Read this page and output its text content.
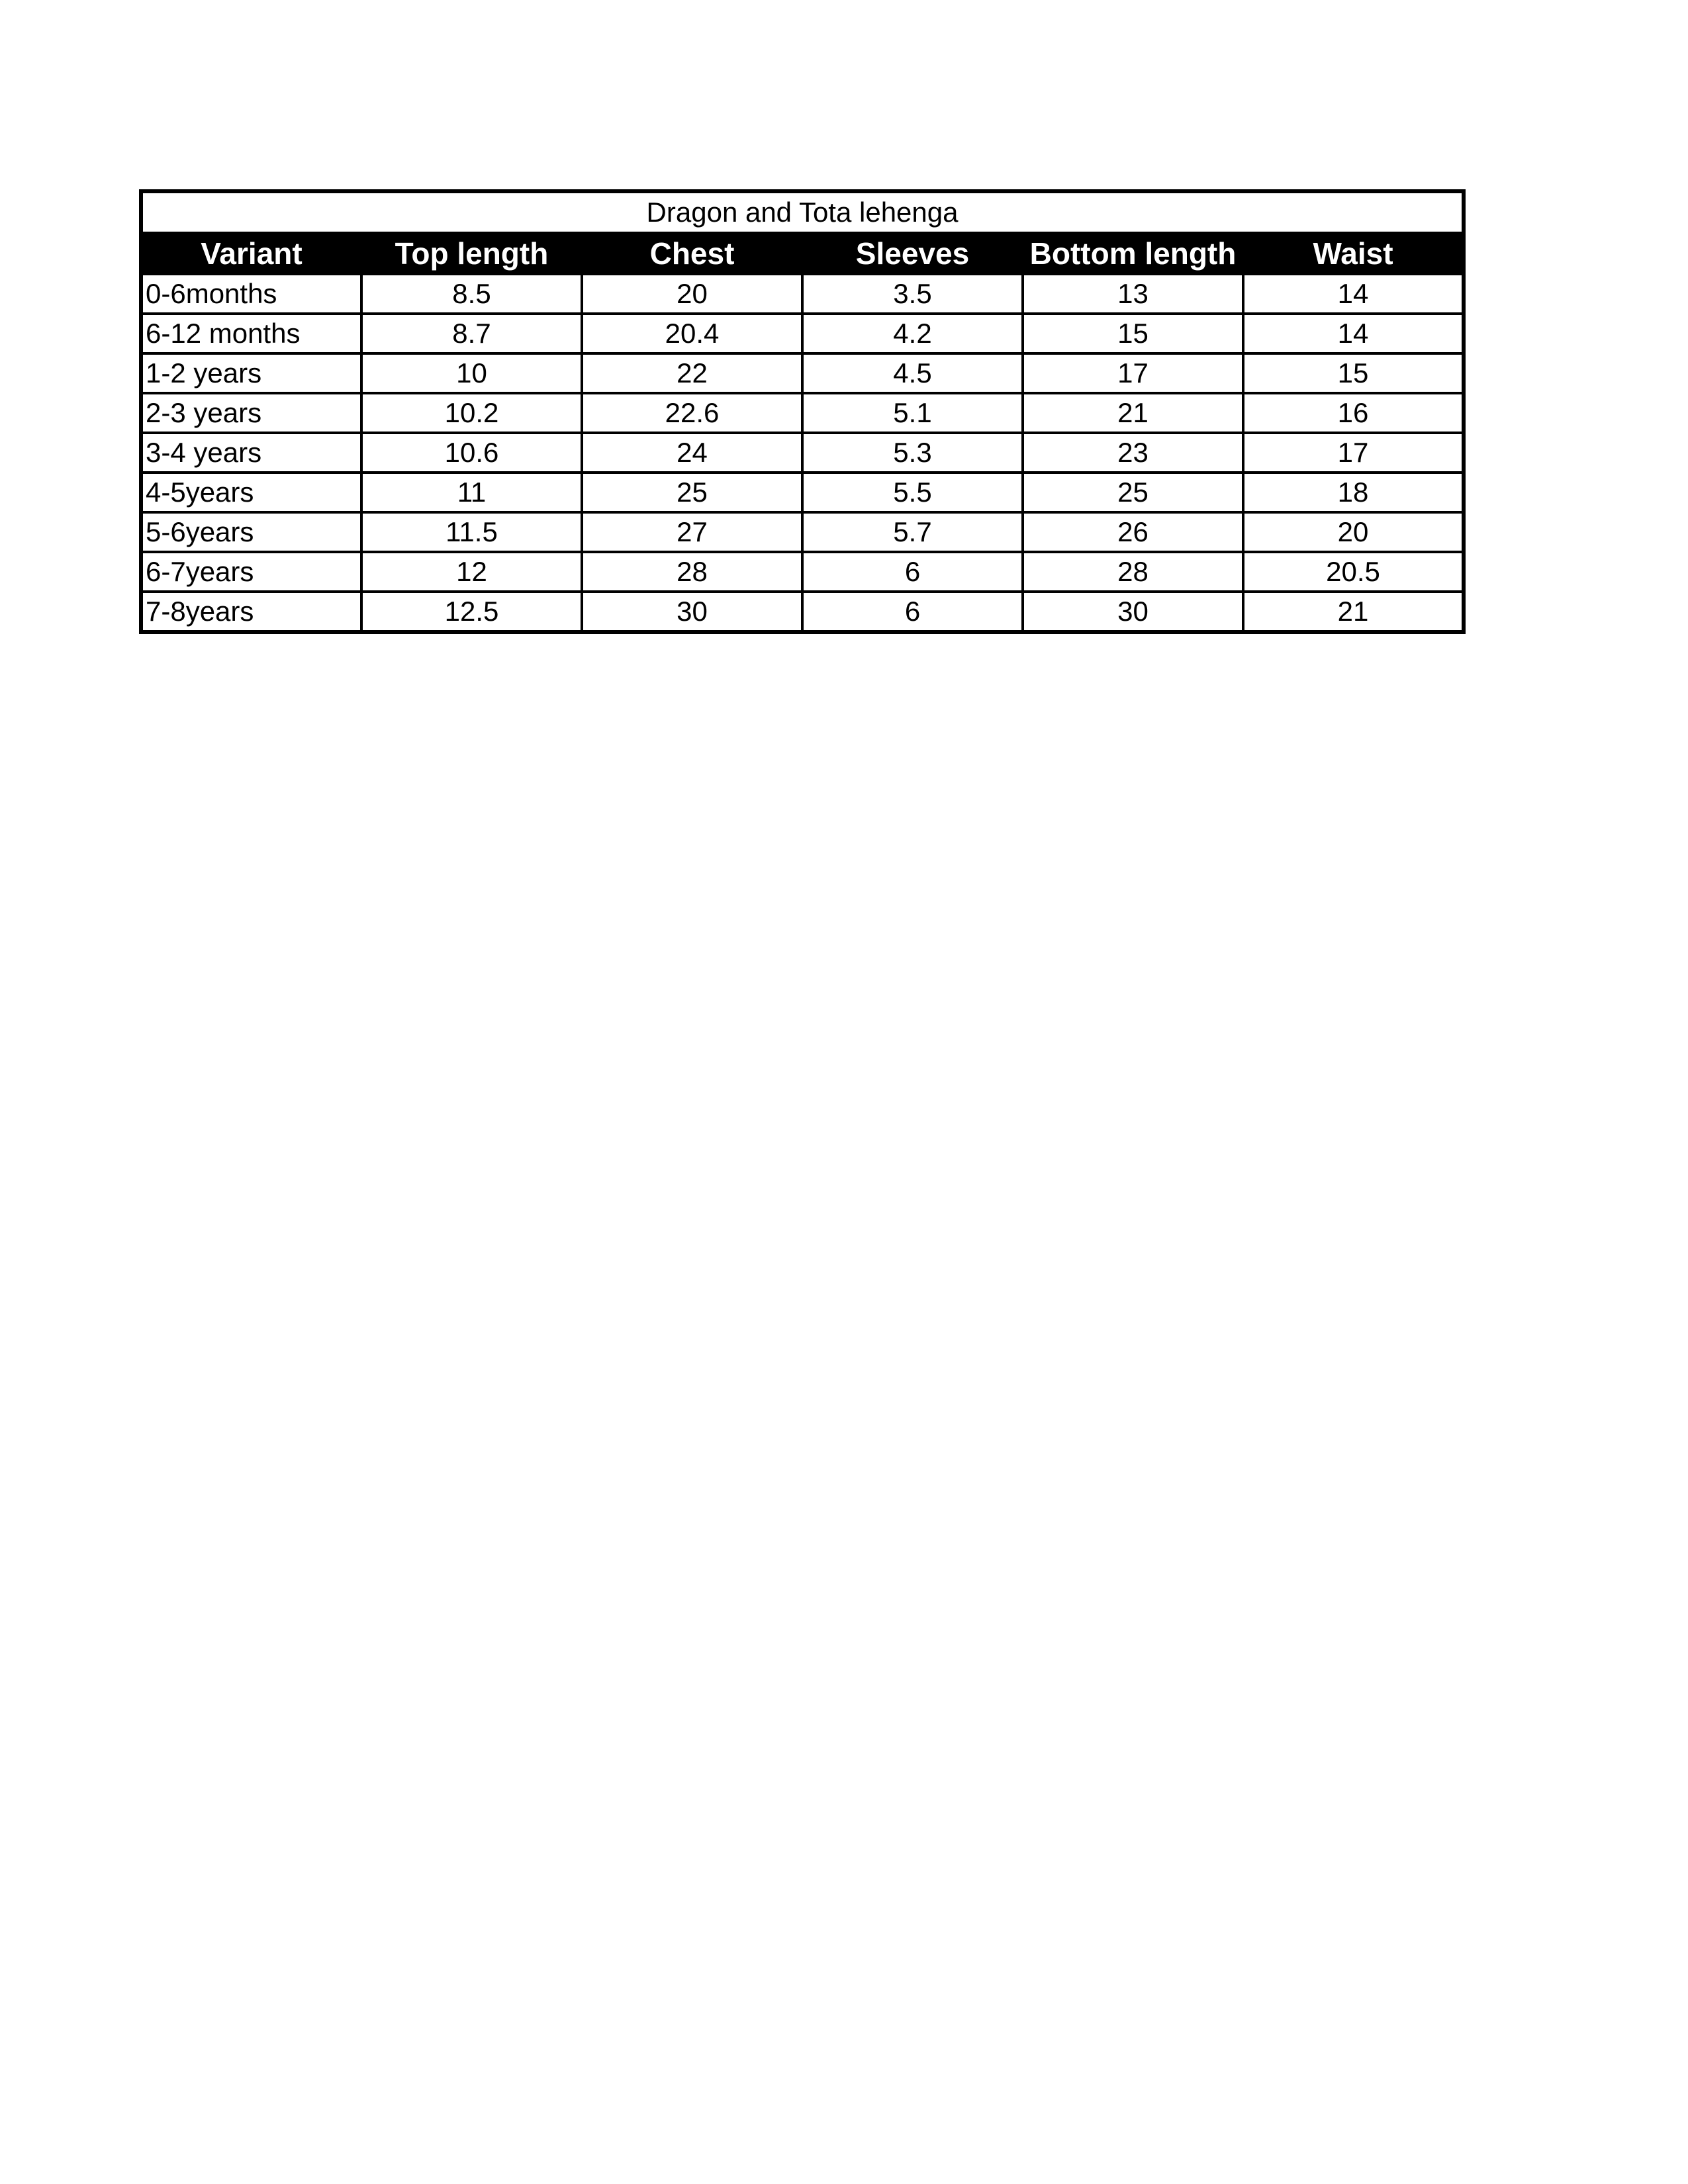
Dragon and Tota lehenga					
Variant	Top length	Chest	Sleeves	Bottom length	Waist
0-6months	8.5	20	3.5	13	14
6-12 months	8.7	20.4	4.2	15	14
1-2 years	10	22	4.5	17	15
2-3 years	10.2	22.6	5.1	21	16
3-4 years	10.6	24	5.3	23	17
4-5years	11	25	5.5	25	18
5-6years	11.5	27	5.7	26	20
6-7years	12	28	6	28	20.5
7-8years	12.5	30	6	30	21
